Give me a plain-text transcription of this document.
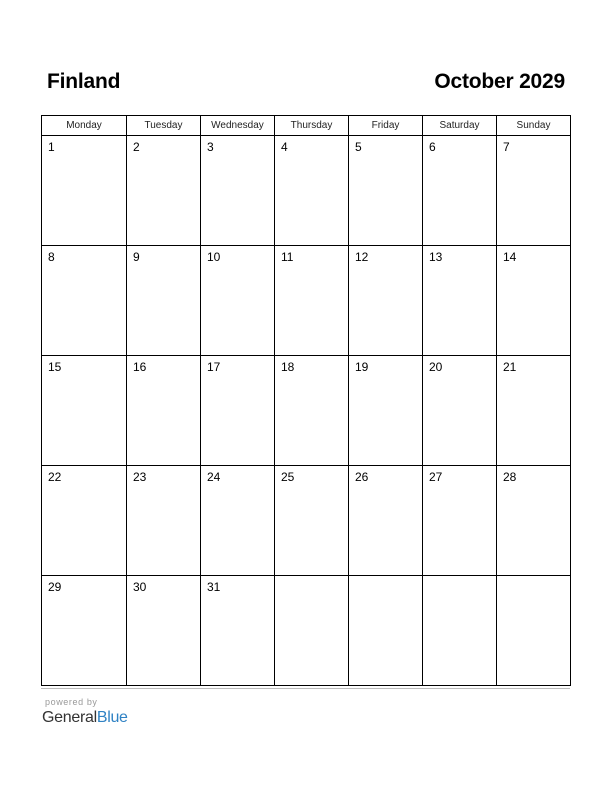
Finland	October 2029
Monday	Tuesday	Wednesday	Thursday	Friday	Saturday	Sunday

1	2	3	4	5	6	7

8	9	10	11	12	13	14

15	16	17	18	19	20	21

22	23	24	25	26	27	28

29	30	31				

powered by
GeneralBlue
